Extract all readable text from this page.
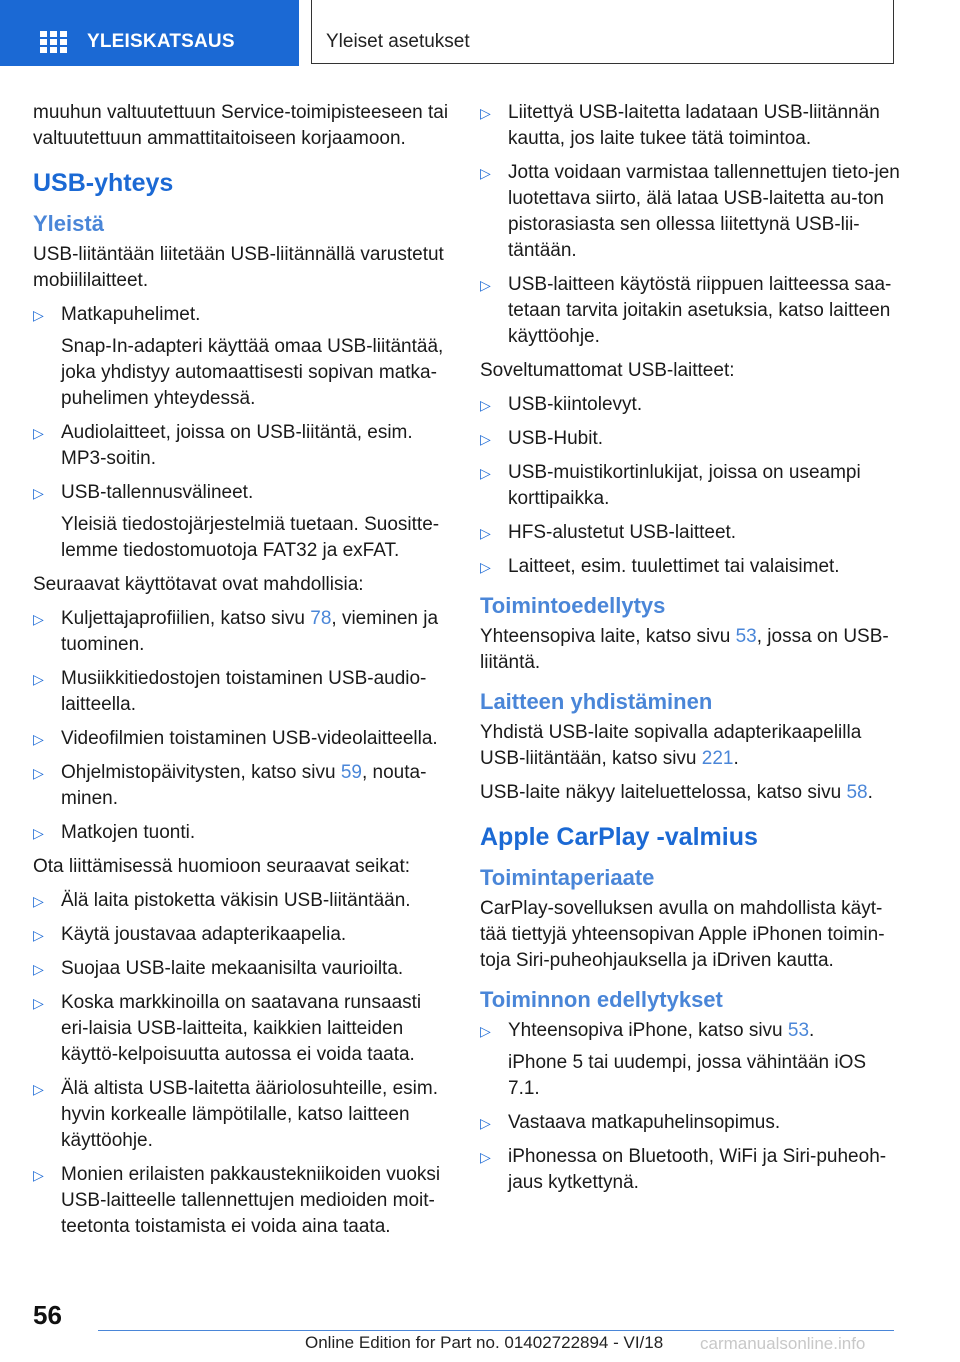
YLEISKATSAUS	Yleiset asetukset

muuhun valtuutettuun Service-toimipisteeseen tai valtuutettuun ammattitaitoiseen korjaamoon.

USB-yhteys
Yleistä

USB-liitäntään liitetään USB-liitännällä varustetut mobiililaitteet.

▷ Matkapuhelimet.
Snap-In-adapteri käyttää omaa USB-liitäntää, joka yhdistyy automaattisesti sopivan matka‐puhelimen yhteydessä.
▷ Audiolaitteet, joissa on USB-liitäntä, esim. MP3-soitin.
▷ USB-tallennusvälineet.
Yleisiä tiedostojärjestelmiä tuetaan. Suositte‐lemme tiedostomuotoja FAT32 ja exFAT.

Seuraavat käyttötavat ovat mahdollisia:

▷ Kuljettajaprofiilien, katso sivu 78, vieminen ja tuominen.
▷ Musiikkitiedostojen toistaminen USB-audio‐laitteella.
▷ Videofilmien toistaminen USB-videolaitteella.
▷ Ohjelmistopäivitysten, katso sivu 59, nouta‐minen.
▷ Matkojen tuonti.

Ota liittämisessä huomioon seuraavat seikat:

▷ Älä laita pistoketta väkisin USB-liitäntään.
▷ Käytä joustavaa adapterikaapelia.
▷ Suojaa USB-laite mekaanisilta vaurioilta.
▷ Koska markkinoilla on saatavana runsaasti eri‐laisia USB-laitteita, kaikkien laitteiden käyttö‐kelpoisuutta autossa ei voida taata.
▷ Älä altista USB-laitetta ääriolosuhteille, esim. hyvin korkealle lämpötilalle, katso laitteen käyttöohje.
▷ Monien erilaisten pakkaustekniikoiden vuoksi USB-laitteelle tallennettujen medioiden moit‐teetonta toistamista ei voida aina taata.
▷ Liitettyä USB-laitetta ladataan USB-liitännän kautta, jos laite tukee tätä toimintoa.
▷ Jotta voidaan varmistaa tallennettujen tieto‐jen luotettava siirto, älä lataa USB-laitetta au‐ton pistorasiasta sen ollessa liitettynä USB-lii‐täntään.
▷ USB-laitteen käytöstä riippuen laitteessa saa‐tetaan tarvita joitakin asetuksia, katso laitteen käyttöohje.

Soveltumattomat USB-laitteet:

▷ USB-kiintolevyt.
▷ USB-Hubit.
▷ USB-muistikortinlukijat, joissa on useampi korttipaikka.
▷ HFS-alustetut USB-laitteet.
▷ Laitteet, esim. tuulettimet tai valaisimet.
Toimintoedellytys

Yhteensopiva laite, katso sivu 53, jossa on USB-liitäntä.

Laitteen yhdistäminen

Yhdistä USB-laite sopivalla adapterikaapelilla USB-liitäntään, katso sivu 221.

USB-laite näkyy laiteluettelossa, katso sivu 58.

Apple CarPlay -valmius
Toimintaperiaate

CarPlay-sovelluksen avulla on mahdollista käyt‐tää tiettyjä yhteensopivan Apple iPhonen toimin‐toja Siri-puheohjauksella ja iDriven kautta.

Toiminnon edellytykset
▷ Yhteensopiva iPhone, katso sivu 53.
iPhone 5 tai uudempi, jossa vähintään iOS 7.1.
▷ Vastaava matkapuhelinsopimus.
▷ iPhonessa on Bluetooth, WiFi ja Siri-puheoh‐jaus kytkettynä.
56
Online Edition for Part no. 01402722894 - VI/18 carmanualsonline.info
